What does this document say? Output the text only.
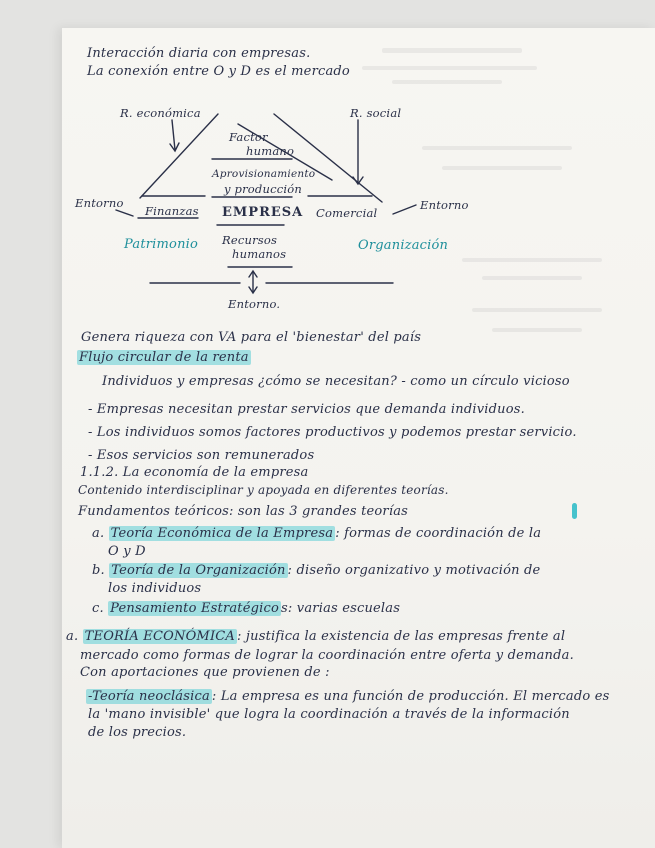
Interacción diaria con empresas.
La conexión entre O y D es el mercado
R. económica	R. social
Factor
humano
Aprovisionamiento
y producción
Entorno
Finanzas EMPRESA Comercial
Entorno
Patrimonio Recursos
humanos
Organización
Entorno.
Genera riqueza con VA para el 'bienestar' del país
Flujo circular de la renta
Individuos y empresas ¿cómo se necesitan? - como un círculo vicioso
- Empresas necesitan prestar servicios que demanda individuos.
- Los individuos somos factores productivos y podemos prestar servicio.
- Esos servicios son remunerados
1.1.2. La economía de la empresa
Contenido interdisciplinar y apoyada en diferentes teorías.
Fundamentos teóricos: son las 3 grandes teorías
a. Teoría Económica de la Empresa : formas de coordinación de la
O y D
b. Teoría de la Organización : diseño organizativo y motivación de
los individuos
c. Pensamiento Estratégico s: varias escuelas
a. TEORÍA ECONÓMICA : justifica la existencia de las empresas frente al
mercado como formas de lograr la coordinación entre oferta y demanda.
Con aportaciones que provienen de :
-Teoría neoclásica : La empresa es una función de producción. El mercado es
la 'mano invisible' que logra la coordinación a través de la información
de los precios.
